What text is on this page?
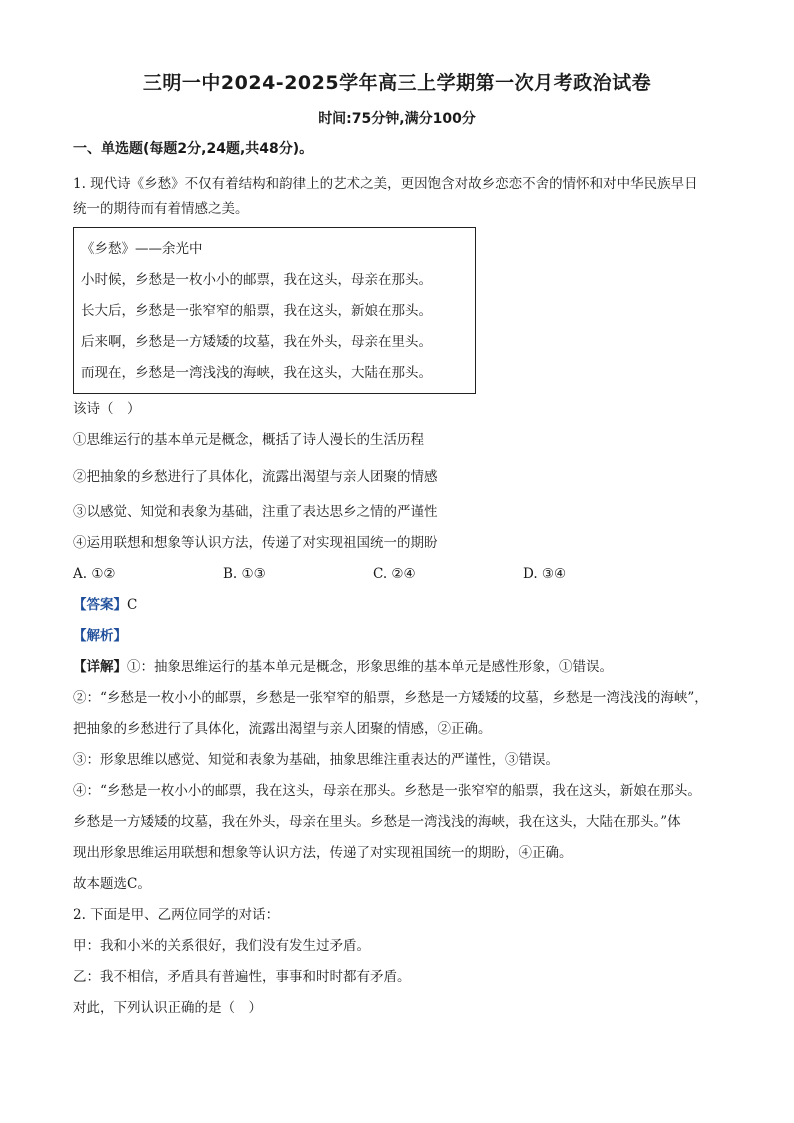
三明一中2024-2025学年高三上学期第一次月考政治试卷
时间:75分钟,满分100分

一、单选题(每题2分,24题,共48分)。

1. 现代诗《乡愁》不仅有着结构和韵律上的艺术之美，更因饱含对故乡恋恋不舍的情怀和对中华民族早日

统一的期待而有着情感之美。

《乡愁》——余光中

小时候，乡愁是一枚小小的邮票，我在这头，母亲在那头。

长大后，乡愁是一张窄窄的船票，我在这头，新娘在那头。

后来啊，乡愁是一方矮矮的坟墓，我在外头，母亲在里头。

而现在，乡愁是一湾浅浅的海峡，我在这头，大陆在那头。

该诗（　）

①思维运行的基本单元是概念，概括了诗人漫长的生活历程

②把抽象的乡愁进行了具体化，流露出渴望与亲人团聚的情感

③以感觉、知觉和表象为基础，注重了表达思乡之情的严谨性

④运用联想和想象等认识方法，传递了对实现祖国统一的期盼

A. ①②	B. ①③	C. ②④	D. ③④

【答案】C

【解析】

【详解】①：抽象思维运行的基本单元是概念，形象思维的基本单元是感性形象，①错误。

②：“乡愁是一枚小小的邮票，乡愁是一张窄窄的船票，乡愁是一方矮矮的坟墓，乡愁是一湾浅浅的海峡”，

把抽象的乡愁进行了具体化，流露出渴望与亲人团聚的情感，②正确。

③：形象思维以感觉、知觉和表象为基础，抽象思维注重表达的严谨性，③错误。

④：“乡愁是一枚小小的邮票，我在这头，母亲在那头。乡愁是一张窄窄的船票，我在这头，新娘在那头。

乡愁是一方矮矮的坟墓，我在外头，母亲在里头。乡愁是一湾浅浅的海峡，我在这头，大陆在那头。”体

现出形象思维运用联想和想象等认识方法，传递了对实现祖国统一的期盼，④正确。

故本题选C。

2. 下面是甲、乙两位同学的对话：

甲：我和小米的关系很好，我们没有发生过矛盾。

乙：我不相信，矛盾具有普遍性，事事和时时都有矛盾。

对此，下列认识正确的是（　）
